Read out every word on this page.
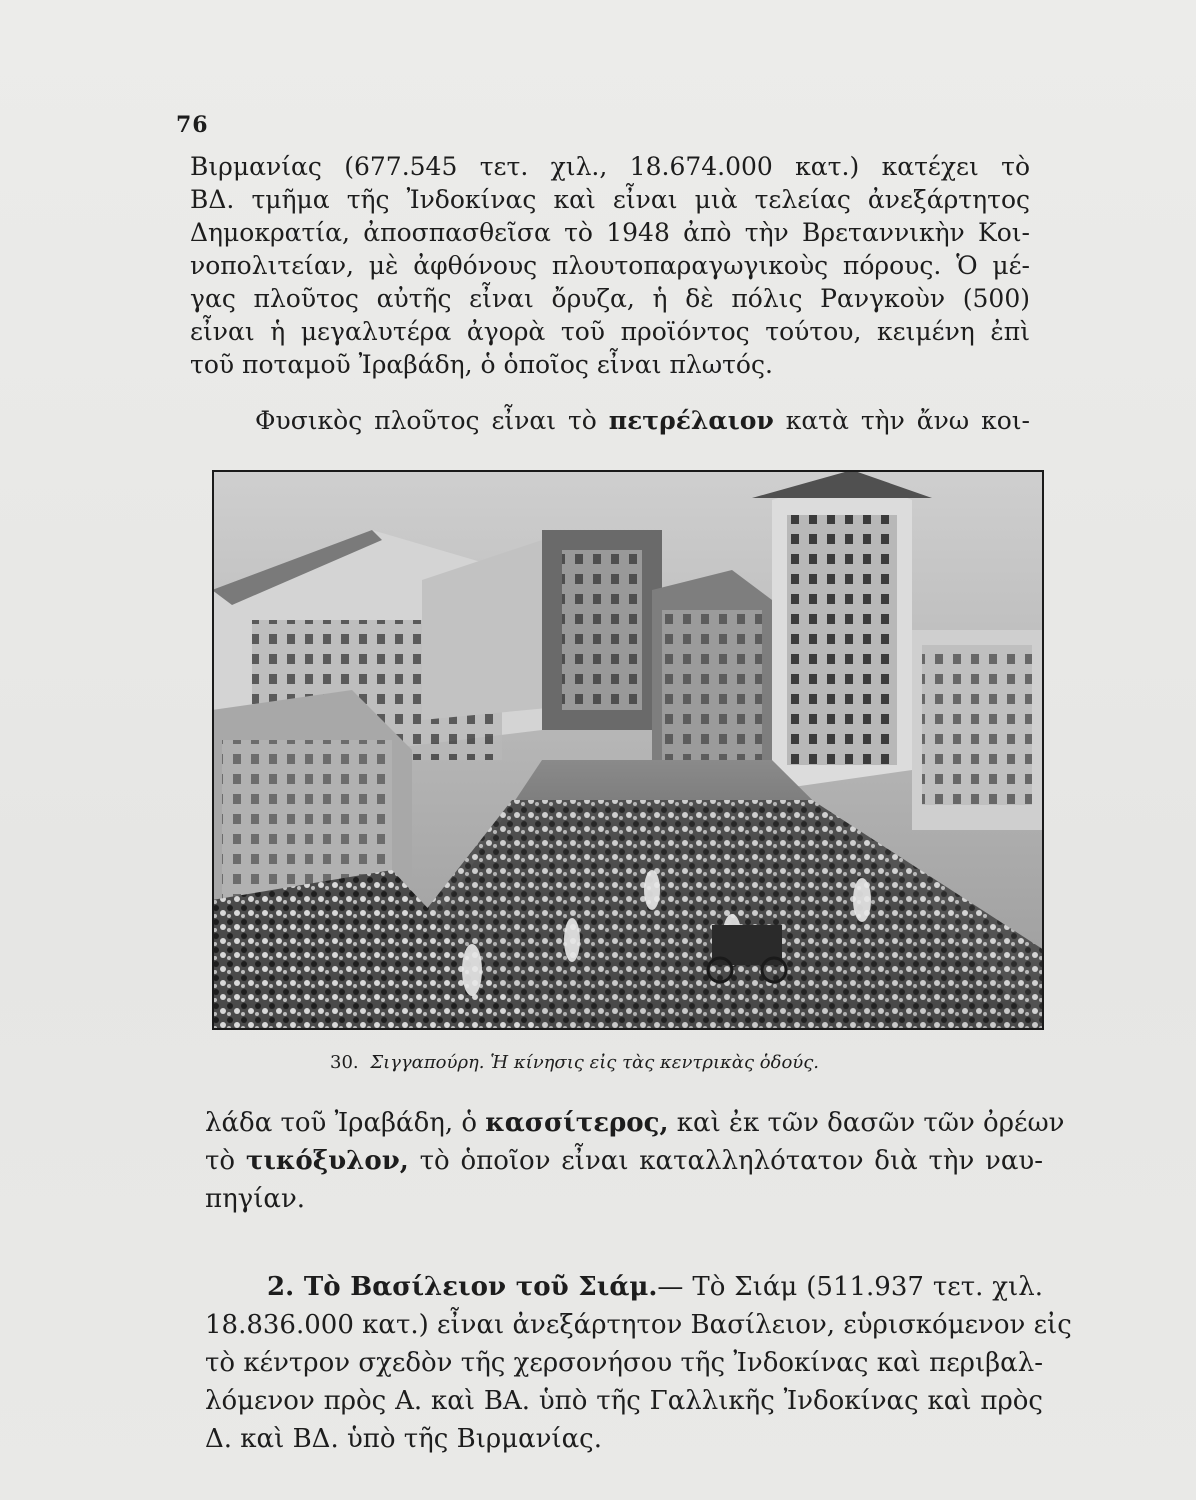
76
Βιρμανίας (677.545 τετ. χιλ., 18.674.000 κατ.) κατέχει τὸ
ΒΔ. τμῆμα τῆς Ἰνδοκίνας καὶ εἶναι μιὰ τελείας ἀνεξάρτητος
Δημοκρατία, ἀποσπασθεῖσα τὸ 1948 ἀπὸ τὴν Βρεταννικὴν Κοι-
νοπολιτείαν, μὲ ἀφθόνους πλουτοπαραγωγικοὺς πόρους. Ὁ μέ-
γας πλοῦτος αὐτῆς εἶναι ὄρυζα, ἡ δὲ πόλις Ρανγκοὺν (500)
εἶναι ἡ μεγαλυτέρα ἀγορὰ τοῦ προϊόντος τούτου, κειμένη ἐπὶ
τοῦ ποταμοῦ Ἰραβάδη, ὁ ὁποῖος εἶναι πλωτός.
Φυσικὸς πλοῦτος εἶναι τὸ πετρέλαιον κατὰ τὴν ἄνω κοι-
30. Σιγγαπούρη. Ἡ κίνησις εἰς τὰς κεντρικὰς ὁδούς.
λάδα τοῦ Ἰραβάδη, ὁ κασσίτερος, καὶ ἐκ τῶν δασῶν τῶν ὀρέων
τὸ τικόξυλον, τὸ ὁποῖον εἶναι καταλληλότατον διὰ τὴν ναυ-
πηγίαν.
2. Τὸ Βασίλειον τοῦ Σιάμ.— Τὸ Σιάμ (511.937 τετ. χιλ.
18.836.000 κατ.) εἶναι ἀνεξάρτητον Βασίλειον, εὑρισκόμενον εἰς
τὸ κέντρον σχεδὸν τῆς χερσονήσου τῆς Ἰνδοκίνας καὶ περιβαλ-
λόμενον πρὸς Α. καὶ ΒΑ. ὑπὸ τῆς Γαλλικῆς Ἰνδοκίνας καὶ πρὸς
Δ. καὶ ΒΔ. ὑπὸ τῆς Βιρμανίας.
